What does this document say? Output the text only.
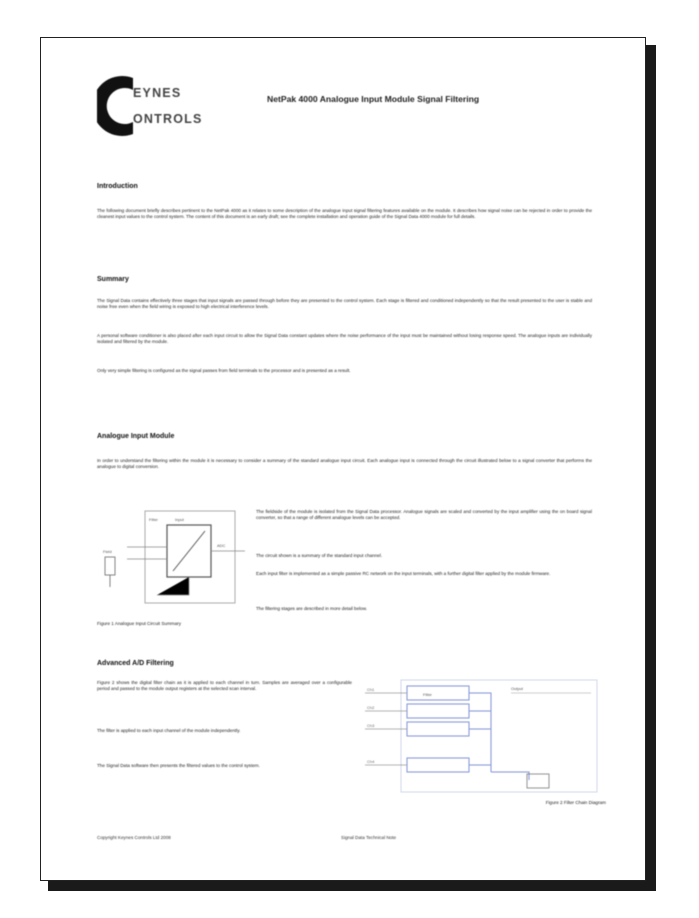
EYNES
ONTROLS
NetPak 4000 Analogue Input Module Signal Filtering
Introduction

The following document briefly describes pertinent to the NetPak 4000 as it relates to some description of the analogue input signal filtering features available on the module. It describes how signal noise can be rejected in order to provide the cleanest input values to the control system. The content of this document is an early draft; see the complete installation and operation guide of the Signal Data 4000 module for full details.

Summary

The Signal Data contains effectively three stages that input signals are passed through before they are presented to the control system. Each stage is filtered and conditioned independently so that the result presented to the user is stable and noise free even when the field wiring is exposed to high electrical interference levels.

A personal software conditioner is also placed after each input circuit to allow the Signal Data constant updates where the noise performance of the input must be maintained without losing response speed. The analogue inputs are individually isolated and filtered by the module.

Only very simple filtering is configured as the signal passes from field terminals to the processor and is presented as a result.

Analogue Input Module

In order to understand the filtering within the module it is necessary to consider a summary of the standard analogue input circuit. Each analogue input is connected through the circuit illustrated below to a signal converter that performs the analogue to digital conversion.

Field
Filter	Input
ADC

Figure 1 Analogue Input Circuit Summary

The fieldside of the module is isolated from the Signal Data processor. Analogue signals are scaled and converted by the input amplifier using the on board signal converter, so that a range of different analogue levels can be accepted.

The circuit shown is a summary of the standard input channel.

Each input filter is implemented as a simple passive RC network on the input terminals, with a further digital filter applied by the module firmware.

The filtering stages are described in more detail below.

Advanced A/D Filtering

Figure 2 shows the digital filter chain as it is applied to each channel in turn. Samples are averaged over a configurable period and passed to the module output registers at the selected scan interval.

The filter is applied to each input channel of the module independently.

The Signal Data software then presents the filtered values to the control system.

Ch1
Ch2
Ch3
Ch4
Filter
Output

Figure 2 Filter Chain Diagram

Copyright Keynes Controls Ltd 2008	Signal Data Technical Note
